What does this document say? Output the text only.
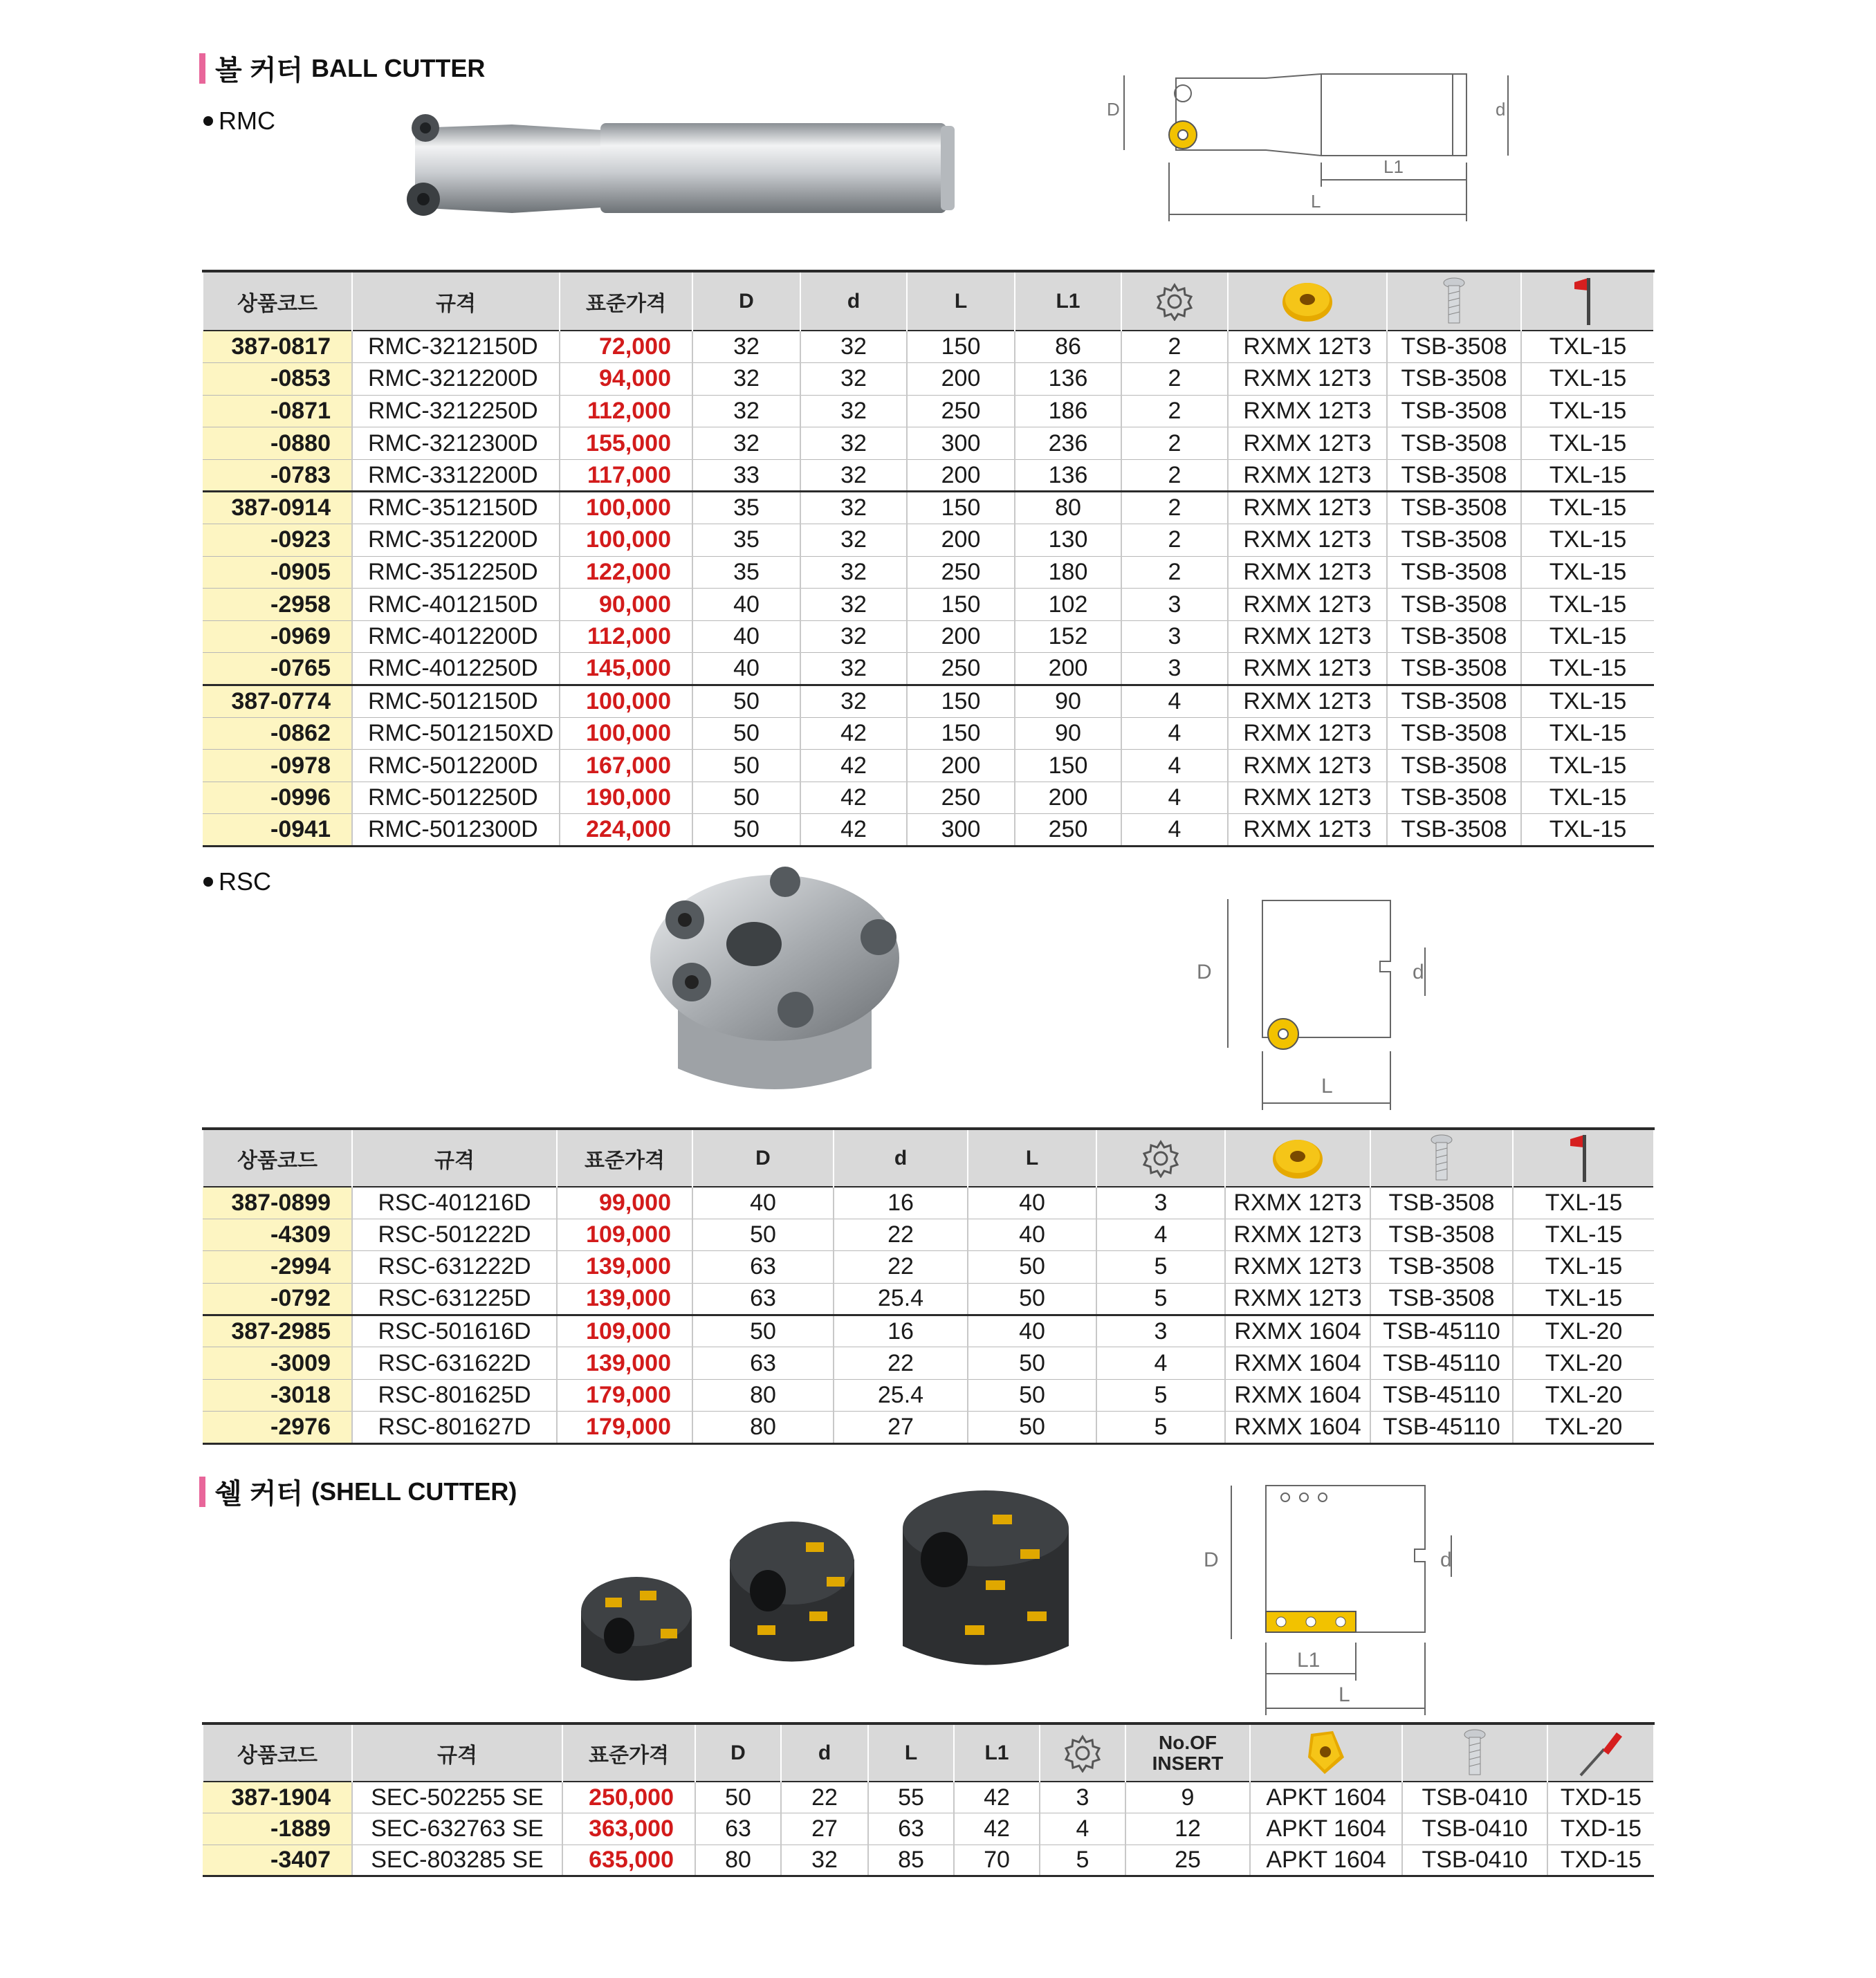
볼 커터 BALL CUTTER
RMC	D	d
L1
L
상품코드	규격	표준가격	D	d	L	L1	

387-0817	RMC-3212150D	72,000	32	32	150	86	2	RXMX 12T3	TSB-3508	TXL-15
-0853	RMC-3212200D	94,000	32	32	200	136	2	RXMX 12T3	TSB-3508	TXL-15
-0871	RMC-3212250D	112,000	32	32	250	186	2	RXMX 12T3	TSB-3508	TXL-15
-0880	RMC-3212300D	155,000	32	32	300	236	2	RXMX 12T3	TSB-3508	TXL-15
-0783	RMC-3312200D	117,000	33	32	200	136	2	RXMX 12T3	TSB-3508	TXL-15
387-0914	RMC-3512150D	100,000	35	32	150	80	2	RXMX 12T3	TSB-3508	TXL-15
-0923	RMC-3512200D	100,000	35	32	200	130	2	RXMX 12T3	TSB-3508	TXL-15
-0905	RMC-3512250D	122,000	35	32	250	180	2	RXMX 12T3	TSB-3508	TXL-15
-2958	RMC-4012150D	90,000	40	32	150	102	3	RXMX 12T3	TSB-3508	TXL-15
-0969	RMC-4012200D	112,000	40	32	200	152	3	RXMX 12T3	TSB-3508	TXL-15
-0765	RMC-4012250D	145,000	40	32	250	200	3	RXMX 12T3	TSB-3508	TXL-15
387-0774	RMC-5012150D	100,000	50	32	150	90	4	RXMX 12T3	TSB-3508	TXL-15
-0862	RMC-5012150XD	100,000	50	42	150	90	4	RXMX 12T3	TSB-3508	TXL-15
-0978	RMC-5012200D	167,000	50	42	200	150	4	RXMX 12T3	TSB-3508	TXL-15
-0996	RMC-5012250D	190,000	50	42	250	200	4	RXMX 12T3	TSB-3508	TXL-15
-0941	RMC-5012300D	224,000	50	42	300	250	4	RXMX 12T3	TSB-3508	TXL-15
RSC
D	d
L
상품코드	규격	표준가격	D	d	L	

387-0899	RSC-401216D	99,000	40	16	40	3	RXMX 12T3	TSB-3508	TXL-15
-4309	RSC-501222D	109,000	50	22	40	4	RXMX 12T3	TSB-3508	TXL-15
-2994	RSC-631222D	139,000	63	22	50	5	RXMX 12T3	TSB-3508	TXL-15
-0792	RSC-631225D	139,000	63	25.4	50	5	RXMX 12T3	TSB-3508	TXL-15
387-2985	RSC-501616D	109,000	50	16	40	3	RXMX 1604	TSB-45110	TXL-20
-3009	RSC-631622D	139,000	63	22	50	4	RXMX 1604	TSB-45110	TXL-20
-3018	RSC-801625D	179,000	80	25.4	50	5	RXMX 1604	TSB-45110	TXL-20
-2976	RSC-801627D	179,000	80	27	50	5	RXMX 1604	TSB-45110	TXL-20
쉘 커터 (SHELL CUTTER)
D	d
L1
L
상품코드	규격	표준가격	D	d	L	L1		No.OF INSERT	

387-1904	SEC-502255 SE	250,000	50	22	55	42	3	9	APKT 1604	TSB-0410	TXD-15
-1889	SEC-632763 SE	363,000	63	27	63	42	4	12	APKT 1604	TSB-0410	TXD-15
-3407	SEC-803285 SE	635,000	80	32	85	70	5	25	APKT 1604	TSB-0410	TXD-15
